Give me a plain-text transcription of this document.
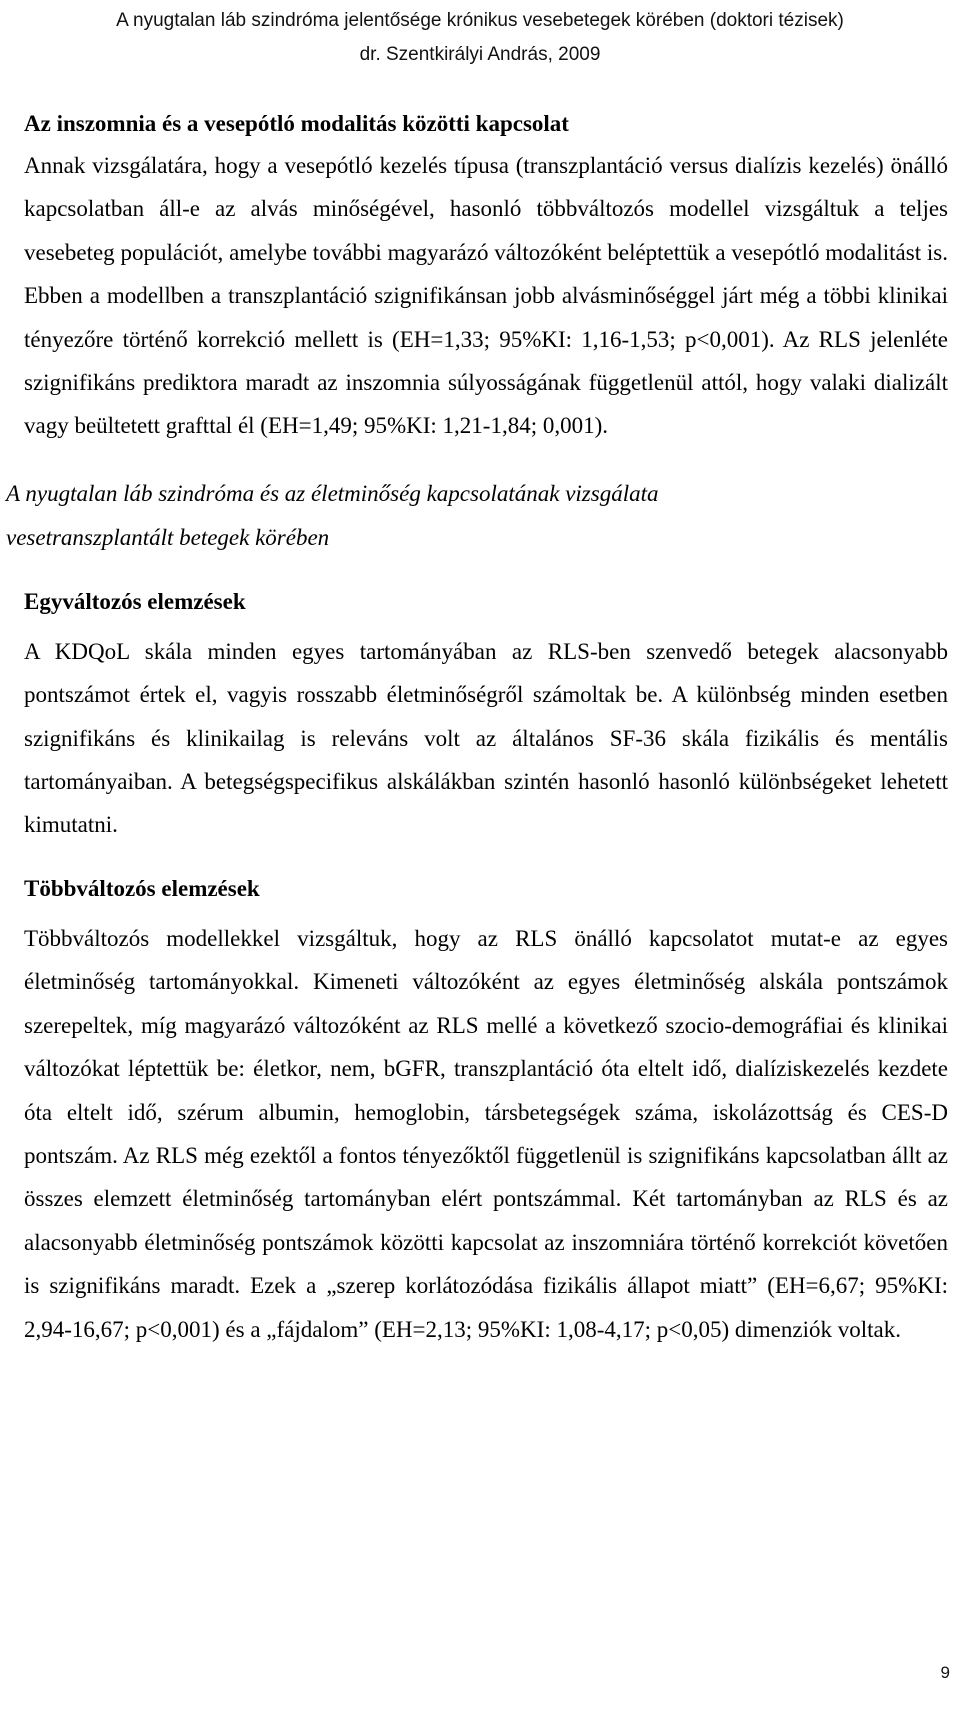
A nyugtalan láb szindróma jelentősége krónikus vesebetegek körében (doktori tézisek)
dr. Szentkirályi András, 2009
Az inszomnia és a vesepótló modalitás közötti kapcsolat

Annak vizsgálatára, hogy a vesepótló kezelés típusa (transzplantáció versus dialízis kezelés) önálló kapcsolatban áll-e az alvás minőségével, hasonló többváltozós modellel vizsgáltuk a teljes vesebeteg populációt, amelybe további magyarázó változóként beléptettük a vesepótló modalitást is. Ebben a modellben a transzplantáció szignifikánsan jobb alvásminőséggel járt még a többi klinikai tényezőre történő korrekció mellett is (EH=1,33; 95%KI: 1,16-1,53; p<0,001). Az RLS jelenléte szignifikáns prediktora maradt az inszomnia súlyosságának függetlenül attól, hogy valaki dializált vagy beültetett grafttal él (EH=1,49; 95%KI: 1,21-1,84; 0,001).

A nyugtalan láb szindróma és az életminőség kapcsolatának vizsgálata
vesetranszplantált betegek körében
Egyváltozós elemzések

A KDQoL skála minden egyes tartományában az RLS-ben szenvedő betegek alacsonyabb pontszámot értek el, vagyis rosszabb életminőségről számoltak be. A különbség minden esetben szignifikáns és klinikailag is releváns volt az általános SF-36 skála fizikális és mentális tartományaiban. A betegségspecifikus alskálákban szintén hasonló hasonló különbségeket lehetett kimutatni.

Többváltozós elemzések

Többváltozós modellekkel vizsgáltuk, hogy az RLS önálló kapcsolatot mutat-e az egyes életminőség tartományokkal. Kimeneti változóként az egyes életminőség alskála pontszámok szerepeltek, míg magyarázó változóként az RLS mellé a következő szocio-demográfiai és klinikai változókat léptettük be: életkor, nem, bGFR, transzplantáció óta eltelt idő, dialíziskezelés kezdete óta eltelt idő, szérum albumin, hemoglobin, társbetegségek száma, iskolázottság és CES-D pontszám. Az RLS még ezektől a fontos tényezőktől függetlenül is szignifikáns kapcsolatban állt az összes elemzett életminőség tartományban elért pontszámmal. Két tartományban az RLS és az alacsonyabb életminőség pontszámok közötti kapcsolat az inszomniára történő korrekciót követően is szignifikáns maradt. Ezek a „szerep korlátozódása fizikális állapot miatt” (EH=6,67; 95%KI: 2,94-16,67; p<0,001) és a „fájdalom” (EH=2,13; 95%KI: 1,08-4,17; p<0,05) dimenziók voltak.

9
